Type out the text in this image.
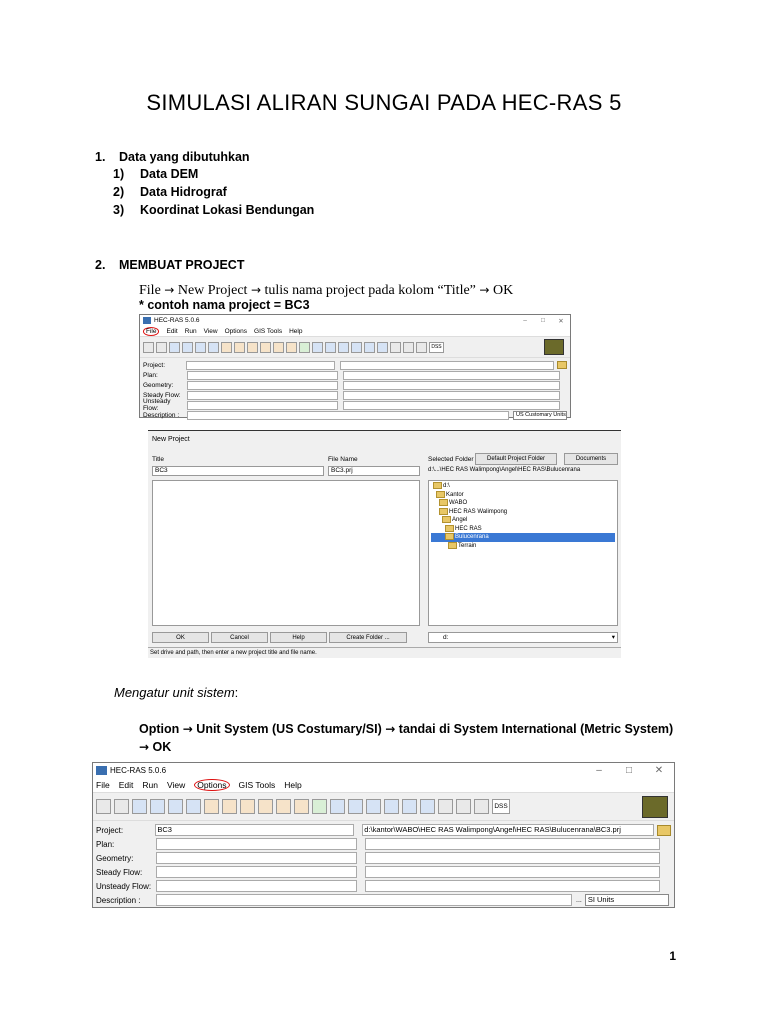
SIMULASI ALIRAN SUNGAI PADA HEC-RAS 5
1. Data yang dibutuhkan
1) Data DEM
2) Data Hidrograf
3) Koordinat Lokasi Bendungan
2. MEMBUAT PROJECT
File → New Project → tulis nama project pada kolom “Title” → OK
* contoh nama project = BC3
HEC-RAS 5.0.6	–	□	✕
File	Edit Run View Options GIS Tools Help
DSS
Project:
Plan:
Geometry:
Steady Flow:
Unsteady Flow:
Description :	US Customary Units
New Project
Title	File Name	Selected Folder	Default Project Folder	Documents
BC3	BC3.prj	d:\...\HEC RAS Walimpong\Angel\HEC RAS\Bulucenrana
d:\
Kantor
WABO
HEC RAS Walimpong
Angel
HEC RAS
Bulucenrana
Terrain
OK	Cancel	Help	Create Folder ...	d:	▾
Set drive and path, then enter a new project title and file name.
Mengatur unit sistem:
Option → Unit System (US Costumary/SI) → tandai di System International (Metric System)
→ OK
HEC-RAS 5.0.6	–	□	✕
File Edit Run View	Options	GIS Tools Help
DSS
Project:	BC3	d:\kantor\WABO\HEC RAS Walimpong\Angel\HEC RAS\Bulucenrana\BC3.prj
Plan:
Geometry:
Steady Flow:
Unsteady Flow:
Description :	... SI Units
1
